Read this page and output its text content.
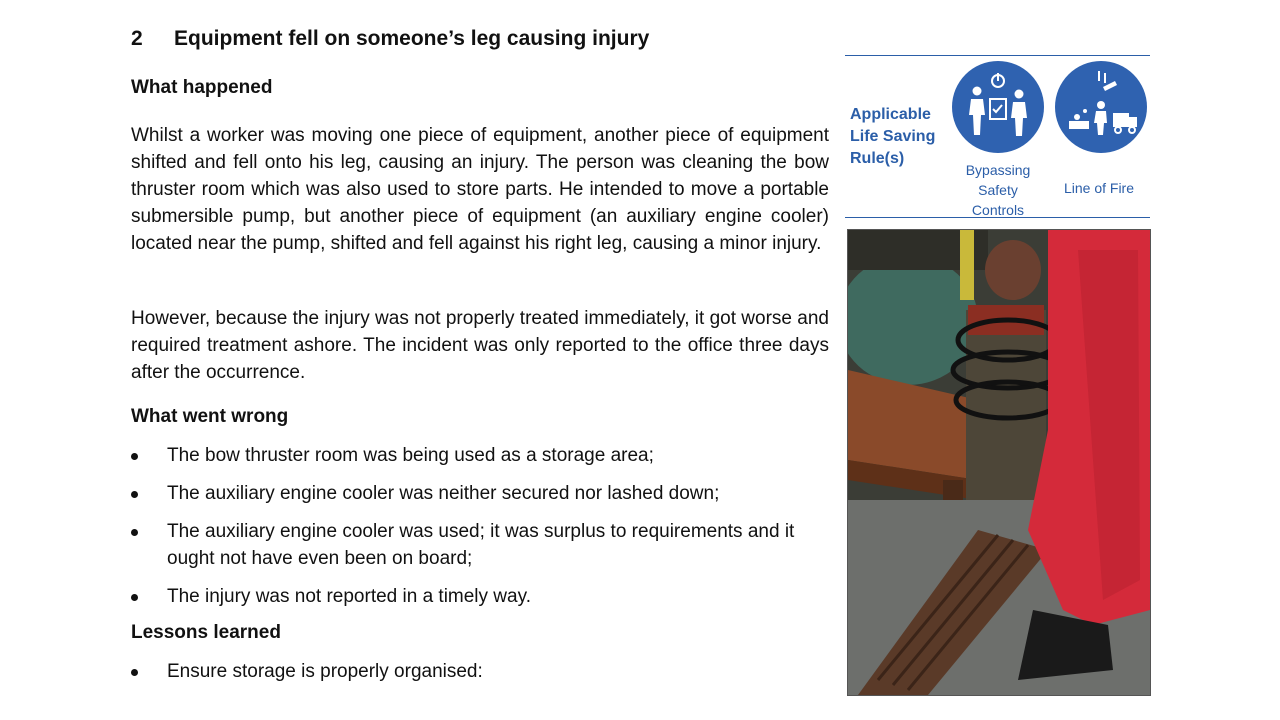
2	Equipment fell on someone’s leg causing injury
What happened
Whilst a worker was moving one piece of equipment, another piece of equipment shifted and fell onto his leg, causing an injury. The person was cleaning the bow thruster room which was also used to store parts. He intended to move a portable submersible pump, but another piece of equipment (an auxiliary engine cooler) located near the pump, shifted and fell against his right leg, causing a minor injury.
However, because the injury was not properly treated immediately, it got worse and required treatment ashore. The incident was only reported to the office three days after the occurrence.
What went wrong
The bow thruster room was being used as a storage area;
The auxiliary engine cooler was neither secured nor lashed down;
The auxiliary engine cooler was used; it was surplus to requirements and it ought not have even been on board;
The injury was not reported in a timely way.
Lessons learned
Ensure storage is properly organised:
Applicable Life Saving Rule(s)
Bypassing Safety Controls
Line of Fire
